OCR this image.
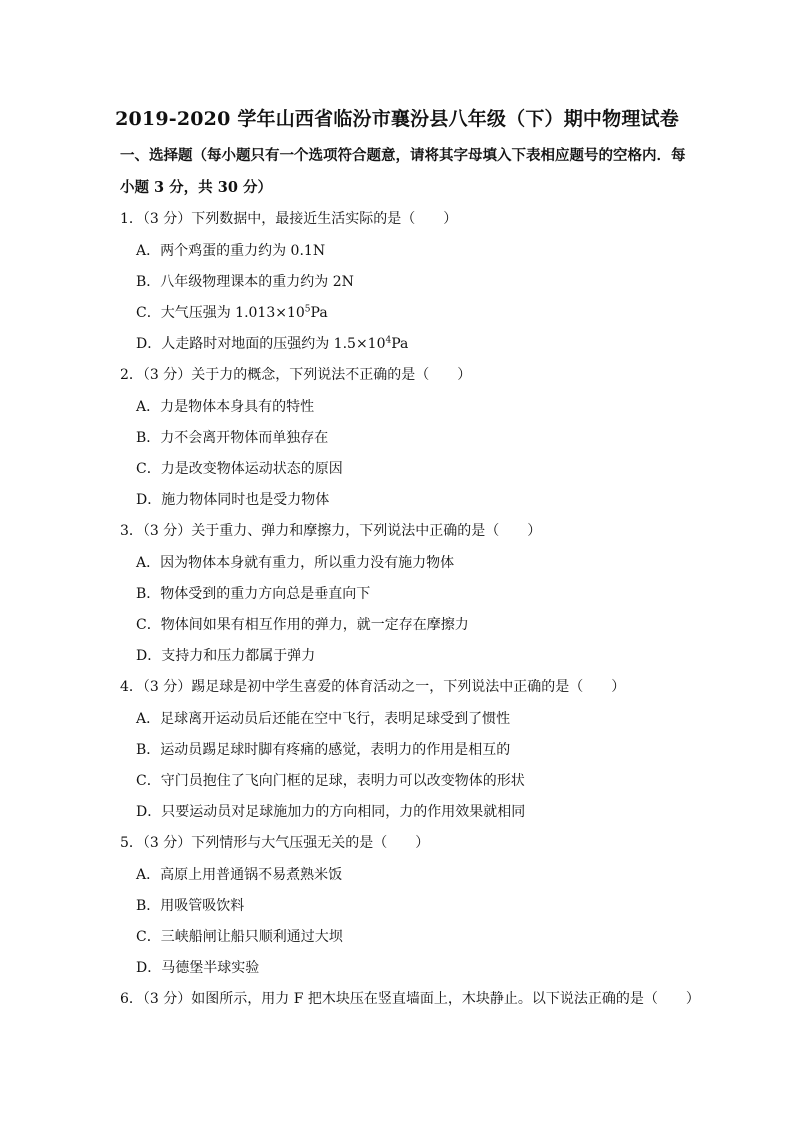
2019-2020 学年山西省临汾市襄汾县八年级（下）期中物理试卷
一、选择题（每小题只有一个选项符合题意，请将其字母填入下表相应题号的空格内．每
小题 3 分，共 30 分）
1．（3 分）下列数据中，最接近生活实际的是（　　）
A．两个鸡蛋的重力约为 0.1N
B．八年级物理课本的重力约为 2N
C．大气压强为 $1.013\times 10^5Pa$
D．人走路时对地面的压强约为 $1.5\times 10^4Pa$
2．（3 分）关于力的概念，下列说法不正确的是（　　）
A．力是物体本身具有的特性
B．力不会离开物体而单独存在
C．力是改变物体运动状态的原因
D．施力物体同时也是受力物体
3．（3 分）关于重力、弹力和摩擦力，下列说法中正确的是（　　）
A．因为物体本身就有重力，所以重力没有施力物体
B．物体受到的重力方向总是垂直向下
C．物体间如果有相互作用的弹力，就一定存在摩擦力
D．支持力和压力都属于弹力
4．（3 分）踢足球是初中学生喜爱的体育活动之一，下列说法中正确的是（　　）
A．足球离开运动员后还能在空中飞行，表明足球受到了惯性
B．运动员踢足球时脚有疼痛的感觉，表明力的作用是相互的
C．守门员抱住了飞向门框的足球，表明力可以改变物体的形状
D．只要运动员对足球施加力的方向相同，力的作用效果就相同
5．（3 分）下列情形与大气压强无关的是（　　）
A．高原上用普通锅不易煮熟米饭
B．用吸管吸饮料
C．三峡船闸让船只顺利通过大坝
D．马德堡半球实验
6．（3 分）如图所示，用力 F 把木块压在竖直墙面上，木块静止。以下说法正确的是（　　）
